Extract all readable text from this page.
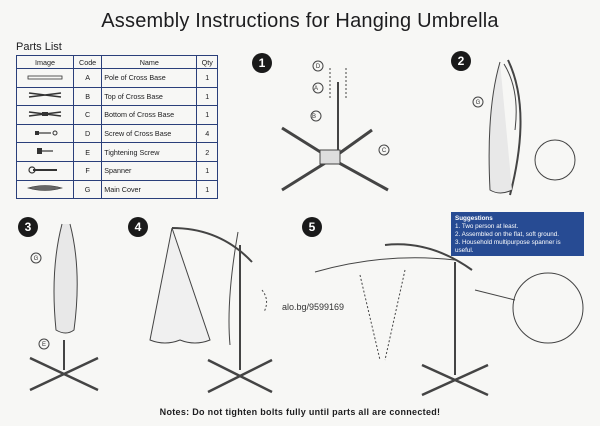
Assembly Instructions for Hanging Umbrella
Parts List
Image	Code	Name	Qty
	A	Pole of Cross Base	1
	B	Top of Cross Base	1
	C	Bottom of Cross Base	1
	D	Screw of Cross Base	4
	E	Tightening Screw	2
	F	Spanner	1
	G	Main Cover	1
1	2
3	4	5
A
B
C
D
G
G
E
alo.bg/9599169
Suggestions
1. Two person at least.
2. Assembled on the flat, soft ground.
3. Household multipurpose spanner is useful.
Notes: Do not tighten bolts fully until parts all are connected!
